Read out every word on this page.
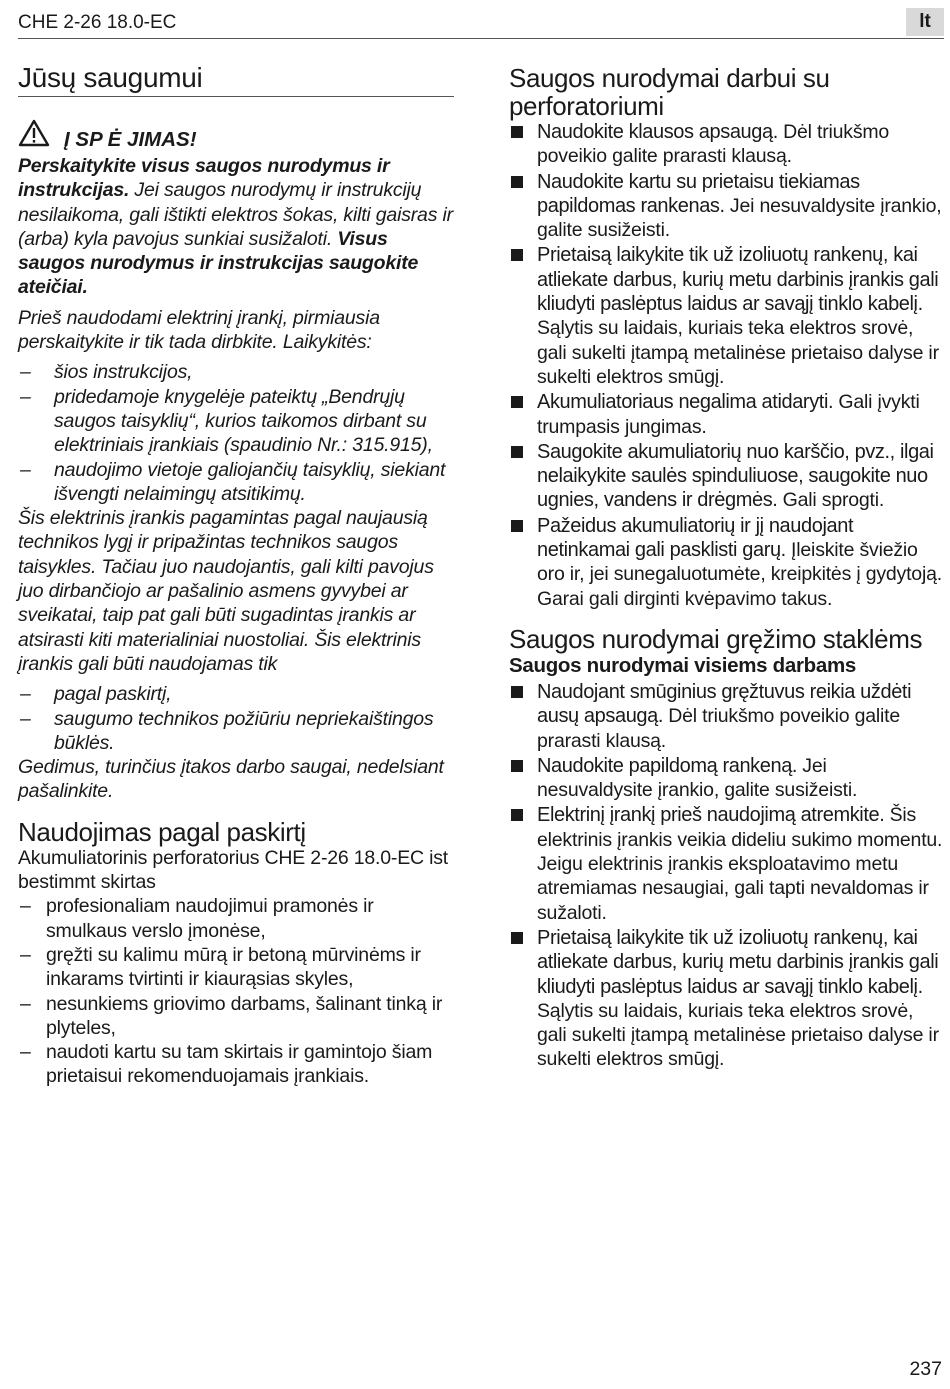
CHE 2-26 18.0-EC	lt
Jūsų saugumui
Į SP Ė JIMAS!

Perskaitykite visus saugos nurodymus ir instrukcijas. Jei saugos nurodymų ir instrukcijų nesilaikoma, gali ištikti elektros šokas, kilti gaisras ir (arba) kyla pavojus sunkiai susižaloti. Visus saugos nurodymus ir instrukcijas saugokite ateičiai.

Prieš naudodami elektrinį įrankį, pirmiausia perskaitykite ir tik tada dirbkite. Laikykitės:

– šios instrukcijos,
– pridedamoje knygelėje pateiktų „Bendrųjų saugos taisyklių“, kurios taikomos dirbant su elektriniais įrankiais (spaudinio Nr.: 315.915),
– naudojimo vietoje galiojančių taisyklių, siekiant išvengti nelaimingų atsitikimų.

Šis elektrinis įrankis pagamintas pagal naujausią technikos lygį ir pripažintas technikos saugos taisykles. Tačiau juo naudojantis, gali kilti pavojus juo dirbančiojo ar pašalinio asmens gyvybei ar sveikatai, taip pat gali būti sugadintas įrankis ar atsirasti kiti materialiniai nuostoliai. Šis elektrinis įrankis gali būti naudojamas tik

– pagal paskirtį,
– saugumo technikos požiūriu nepriekaištingos būklės.

Gedimus, turinčius įtakos darbo saugai, nedelsiant pašalinkite.

Naudojimas pagal paskirtį

Akumuliatorinis perforatorius CHE 2-26 18.0-EC ist bestimmt skirtas

– profesionaliam naudojimui pramonės ir smulkaus verslo įmonėse,
– gręžti su kalimu mūrą ir betoną mūrvinėms ir inkarams tvirtinti ir kiaurąsias skyles,
– nesunkiems griovimo darbams, šalinant tinką ir plyteles,
– naudoti kartu su tam skirtais ir gamintojo šiam prietaisui rekomenduojamais įrankiais.
Saugos nurodymai darbui su perforatoriumi
Naudokite klausos apsaugą. Dėl triukšmo poveikio galite prarasti klausą.
Naudokite kartu su prietaisu tiekiamas papildomas rankenas. Jei nesuvaldysite įrankio, galite susižeisti.
Prietaisą laikykite tik už izoliuotų rankenų, kai atliekate darbus, kurių metu darbinis įrankis gali kliudyti paslėptus laidus ar savąjį tinklo kabelį. Sąlytis su laidais, kuriais teka elektros srovė, gali sukelti įtampą metalinėse prietaiso dalyse ir sukelti elektros smūgį.
Akumuliatoriaus negalima atidaryti. Gali įvykti trumpasis jungimas.
Saugokite akumuliatorių nuo karščio, pvz., ilgai nelaikykite saulės spinduliuose, saugokite nuo ugnies, vandens ir drėgmės. Gali sprogti.
Pažeidus akumuliatorių ir jį naudojant netinkamai gali pasklisti garų. Įleiskite šviežio oro ir, jei sunegaluotumėte, kreipkitės į gydytoją. Garai gali dirginti kvėpavimo takus.
Saugos nurodymai gręžimo staklėms
Saugos nurodymai visiems darbams
Naudojant smūginius gręžtuvus reikia uždėti ausų apsaugą. Dėl triukšmo poveikio galite prarasti klausą.
Naudokite papildomą rankeną. Jei nesuvaldysite įrankio, galite susižeisti.
Elektrinį įrankį prieš naudojimą atremkite. Šis elektrinis įrankis veikia dideliu sukimo momentu. Jeigu elektrinis įrankis eksploatavimo metu atremiamas nesaugiai, gali tapti nevaldomas ir sužaloti.
Prietaisą laikykite tik už izoliuotų rankenų, kai atliekate darbus, kurių metu darbinis įrankis gali kliudyti paslėptus laidus ar savąjį tinklo kabelį. Sąlytis su laidais, kuriais teka elektros srovė, gali sukelti įtampą metalinėse prietaiso dalyse ir sukelti elektros smūgį.
237
